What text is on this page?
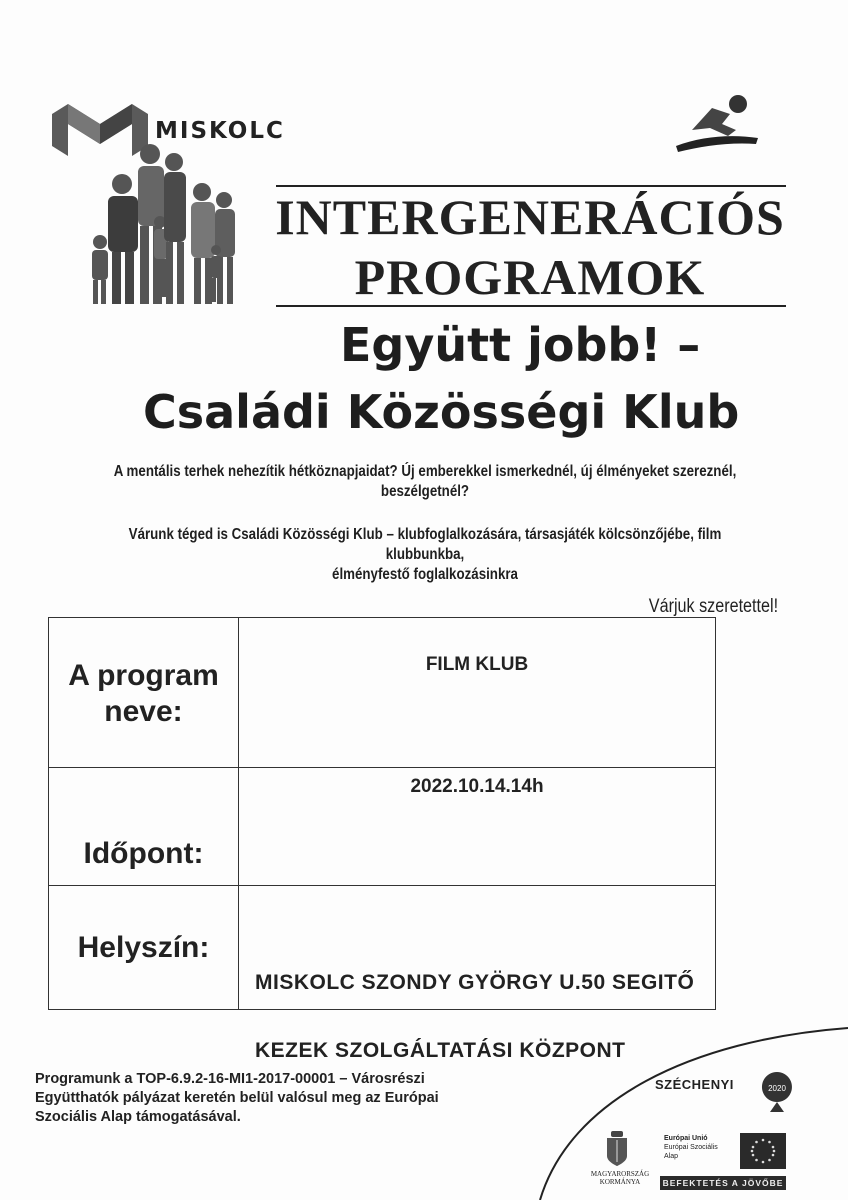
MISKOLC
INTERGENERÁCIÓS
PROGRAMOK
Együtt jobb! –
Családi Közösségi Klub
A mentális terhek nehezítik hétköznapjaidat? Új emberekkel ismerkednél, új élményeket szereznél,
beszélgetnél?
Várunk téged is Családi Közösségi Klub – klubfoglalkozására, társasjáték kölcsönzőjébe, film klubbunkba,
élményfestő foglalkozásinkra
Várjuk szeretettel!
A program
neve:
FILM KLUB
Időpont:
2022.10.14.14h
Helyszín:
MISKOLC SZONDY GYÖRGY U.50 SEGITŐ
KEZEK SZOLGÁLTATÁSI KÖZPONT
Programunk a TOP-6.9.2-16-MI1-2017-00001 – Városrészi
Együtthatók pályázat keretén belül valósul meg az Európai
Szociális Alap támogatásával.
SZÉCHENYI	2020
MAGYARORSZÁG
KORMÁNYA
Európai Unió
Európai Szociális
Alap
BEFEKTETÉS A JÖVŐBE
